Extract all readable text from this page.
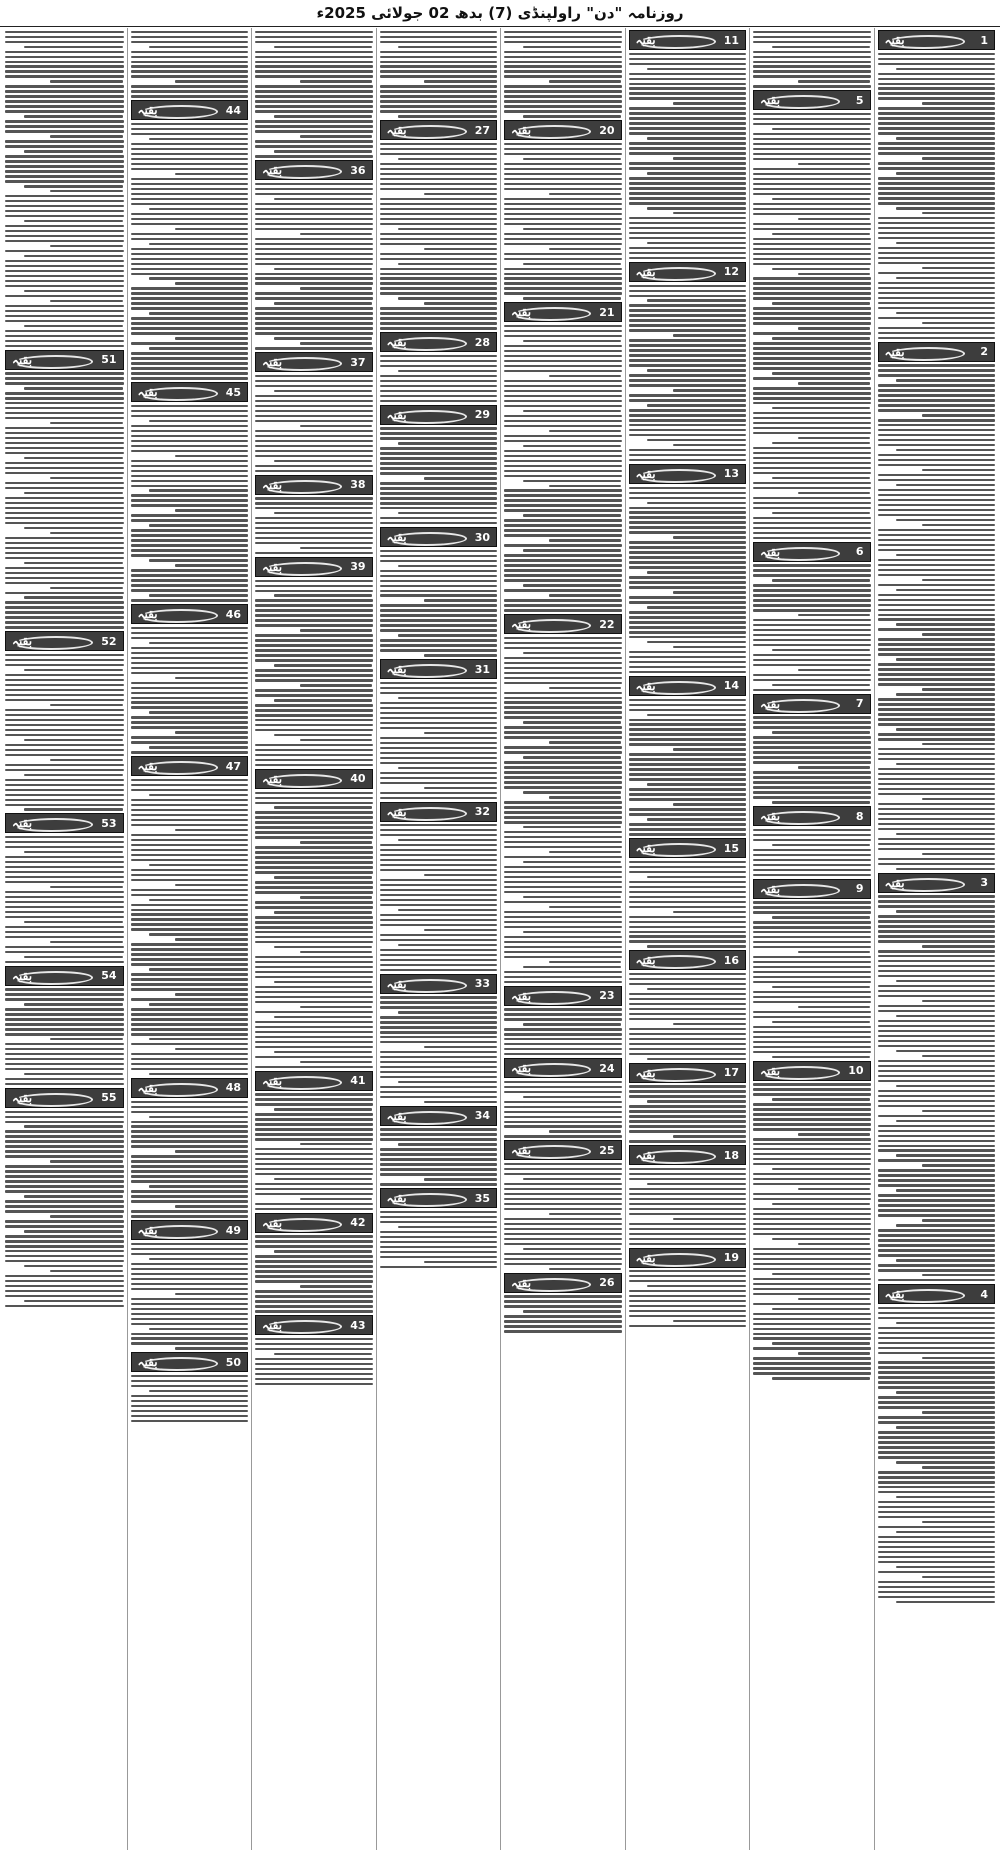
روزنامہ "دن" راولپنڈی (7) بدھ 02 جولائی 2025ء
بقیہ	1
بقیہ	2
بقیہ	3
بقیہ	4
بقیہ	5
بقیہ	6
بقیہ	7
بقیہ	8
بقیہ	9
بقیہ	10
بقیہ	11
بقیہ	12
بقیہ	13
بقیہ	14
بقیہ	15
بقیہ	16
بقیہ	17
بقیہ	18
بقیہ	19
بقیہ	20
بقیہ	21
بقیہ	22
بقیہ	23
بقیہ	24
بقیہ	25
بقیہ	26
بقیہ	27
بقیہ	28
بقیہ	29
بقیہ	30
بقیہ	31
بقیہ	32
بقیہ	33
بقیہ	34
بقیہ	35
بقیہ	36
بقیہ	37
بقیہ	38
بقیہ	39
بقیہ	40
بقیہ	41
بقیہ	42
بقیہ	43
بقیہ	44
بقیہ	45
بقیہ	46
بقیہ	47
بقیہ	48
بقیہ	49
بقیہ	50
بقیہ	51
بقیہ	52
بقیہ	53
بقیہ	54
بقیہ	55
